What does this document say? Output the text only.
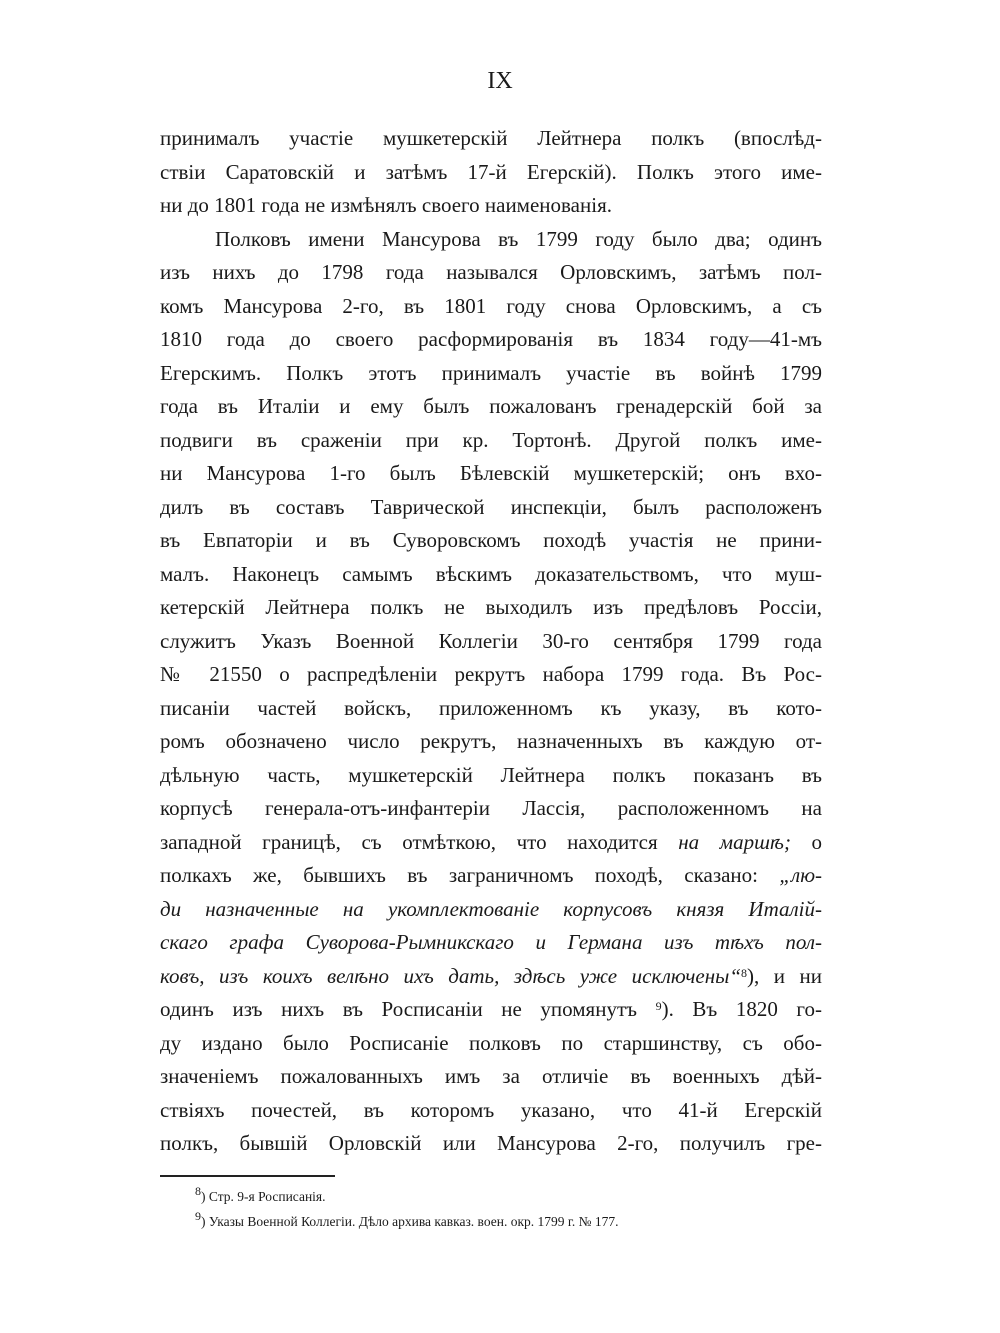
IX
принималъ участіе мушкетерскій Лейтнера полкъ (впослѣд-
ствіи Саратовскій и затѣмъ 17-й Егерскій). Полкъ этого име-
ни до 1801 года не измѣнялъ своего наименованія.
Полковъ имени Мансурова въ 1799 году было два; одинъ
изъ нихъ до 1798 года назывался Орловскимъ, затѣмъ пол-
комъ Мансурова 2-го, въ 1801 году снова Орловскимъ, а съ
1810 года до своего расформированія въ 1834 году—41-мъ
Егерскимъ. Полкъ этотъ принималъ участіе въ войнѣ 1799
года въ Италіи и ему былъ пожалованъ гренадерскій бой за
подвиги въ сраженіи при кр. Тортонѣ. Другой полкъ име-
ни Мансурова 1-го былъ Бѣлевскій мушкетерскій; онъ вхо-
дилъ въ составъ Таврической инспекціи, былъ расположенъ
въ Евпаторіи и въ Суворовскомъ походѣ участія не прини-
малъ. Наконецъ самымъ вѣскимъ доказательствомъ, что муш-
кетерскій Лейтнера полкъ не выходилъ изъ предѣловъ Россіи,
служитъ Указъ Военной Коллегіи 30-го сентября 1799 года
№ 21550 о распредѣленіи рекрутъ набора 1799 года. Въ Рос-
писаніи частей войскъ, приложенномъ къ указу, въ кото-
ромъ обозначено число рекрутъ, назначенныхъ въ каждую от-
дѣльную часть, мушкетерскій Лейтнера полкъ показанъ въ
корпусѣ генерала-отъ-инфантеріи Лассія, расположенномъ на
западной границѣ, съ отмѣткою, что находится на маршѣ; о
полкахъ же, бывшихъ въ заграничномъ походѣ, сказано: „лю-
ди назначенные на укомплектованіе корпусовъ князя Италій-
скаго графа Суворова-Рымникскаго и Германа изъ тѣхъ пол-
ковъ, изъ коихъ велѣно ихъ дать, здѣсь уже исключены“$^8$), и ни
одинъ изъ нихъ въ Росписаніи не упомянутъ $^9$). Въ 1820 го-
ду издано было Росписаніе полковъ по старшинству, съ обо-
значеніемъ пожалованныхъ имъ за отличіе въ военныхъ дѣй-
ствіяхъ почестей, въ которомъ указано, что 41-й Егерскій
полкъ, бывшій Орловскій или Мансурова 2-го, получилъ гре-
$^8$) Стр. 9-я Росписанія.
$^9$) Указы Военной Коллегіи. Дѣло архива кавказ. воен. окр. 1799 г. № 177.
